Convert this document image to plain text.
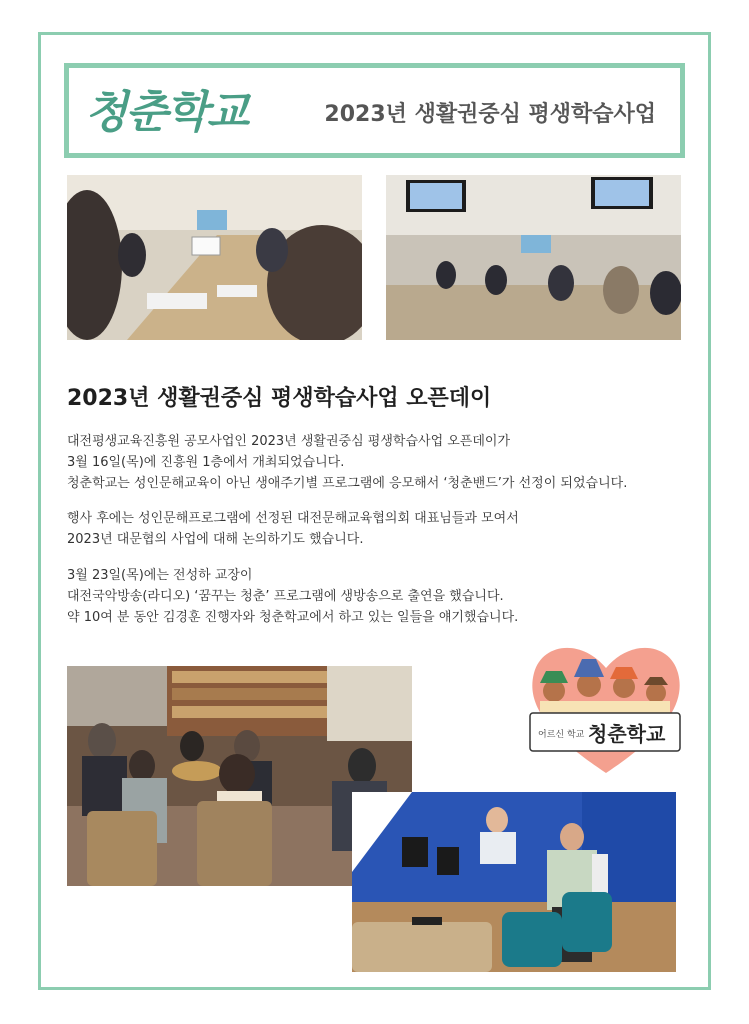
청춘학교	2023년 생활권중심 평생학습사업
2023년 생활권중심 평생학습사업 오픈데이

대전평생교육진흥원 공모사업인 2023년 생활권중심 평생학습사업 오픈데이가
3월 16일(목)에 진흥원 1층에서 개최되었습니다.
청춘학교는 성인문해교육이 아닌 생애주기별 프로그램에 응모해서 ‘청춘밴드’가 선정이 되었습니다.

행사 후에는 성인문해프로그램에 선정된 대전문해교육협의회 대표님들과 모여서
2023년 대문협의 사업에 대해 논의하기도 했습니다.

3월 23일(목)에는 전성하 교장이
대전국악방송(라디오) ‘꿈꾸는 청춘’ 프로그램에 생방송으로 출연을 했습니다.
약 10여 분 동안 김경훈 진행자와 청춘학교에서 하고 있는 일들을 얘기했습니다.

어르신 학교 청춘학교
